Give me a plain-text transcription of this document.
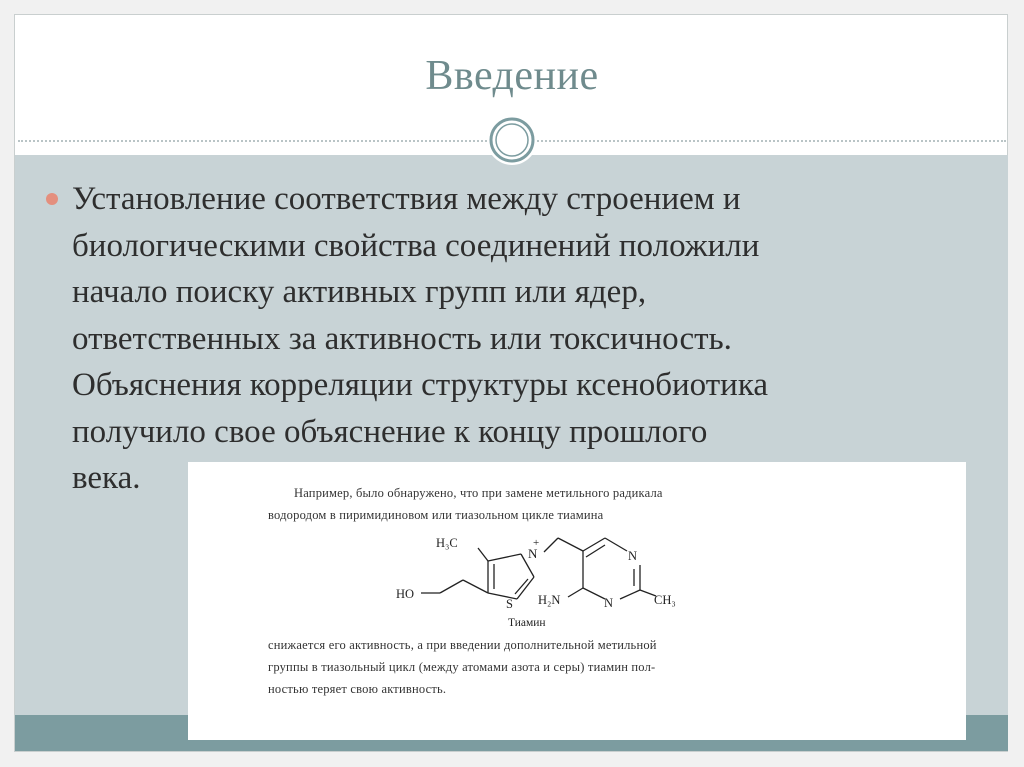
Введение
Установление соответствия между строением и
биологическими свойства соединений положили
начало поиску активных групп или ядер,
ответственных за активность или токсичность.
Объяснения корреляции структуры ксенобиотика
получило свое объяснение к концу прошлого
века.	Например, было обнаружено, что при замене метильного радикала
водородом в пиримидиновом или тиазольном цикле тиамина
H₃C
N
+
N
N
S H₂N	CH₃
HO
Тиамин
снижается его активность, а при введении дополнительной метильной
группы в тиазольный цикл (между атомами азота и серы) тиамин пол-
ностью теряет свою активность.
